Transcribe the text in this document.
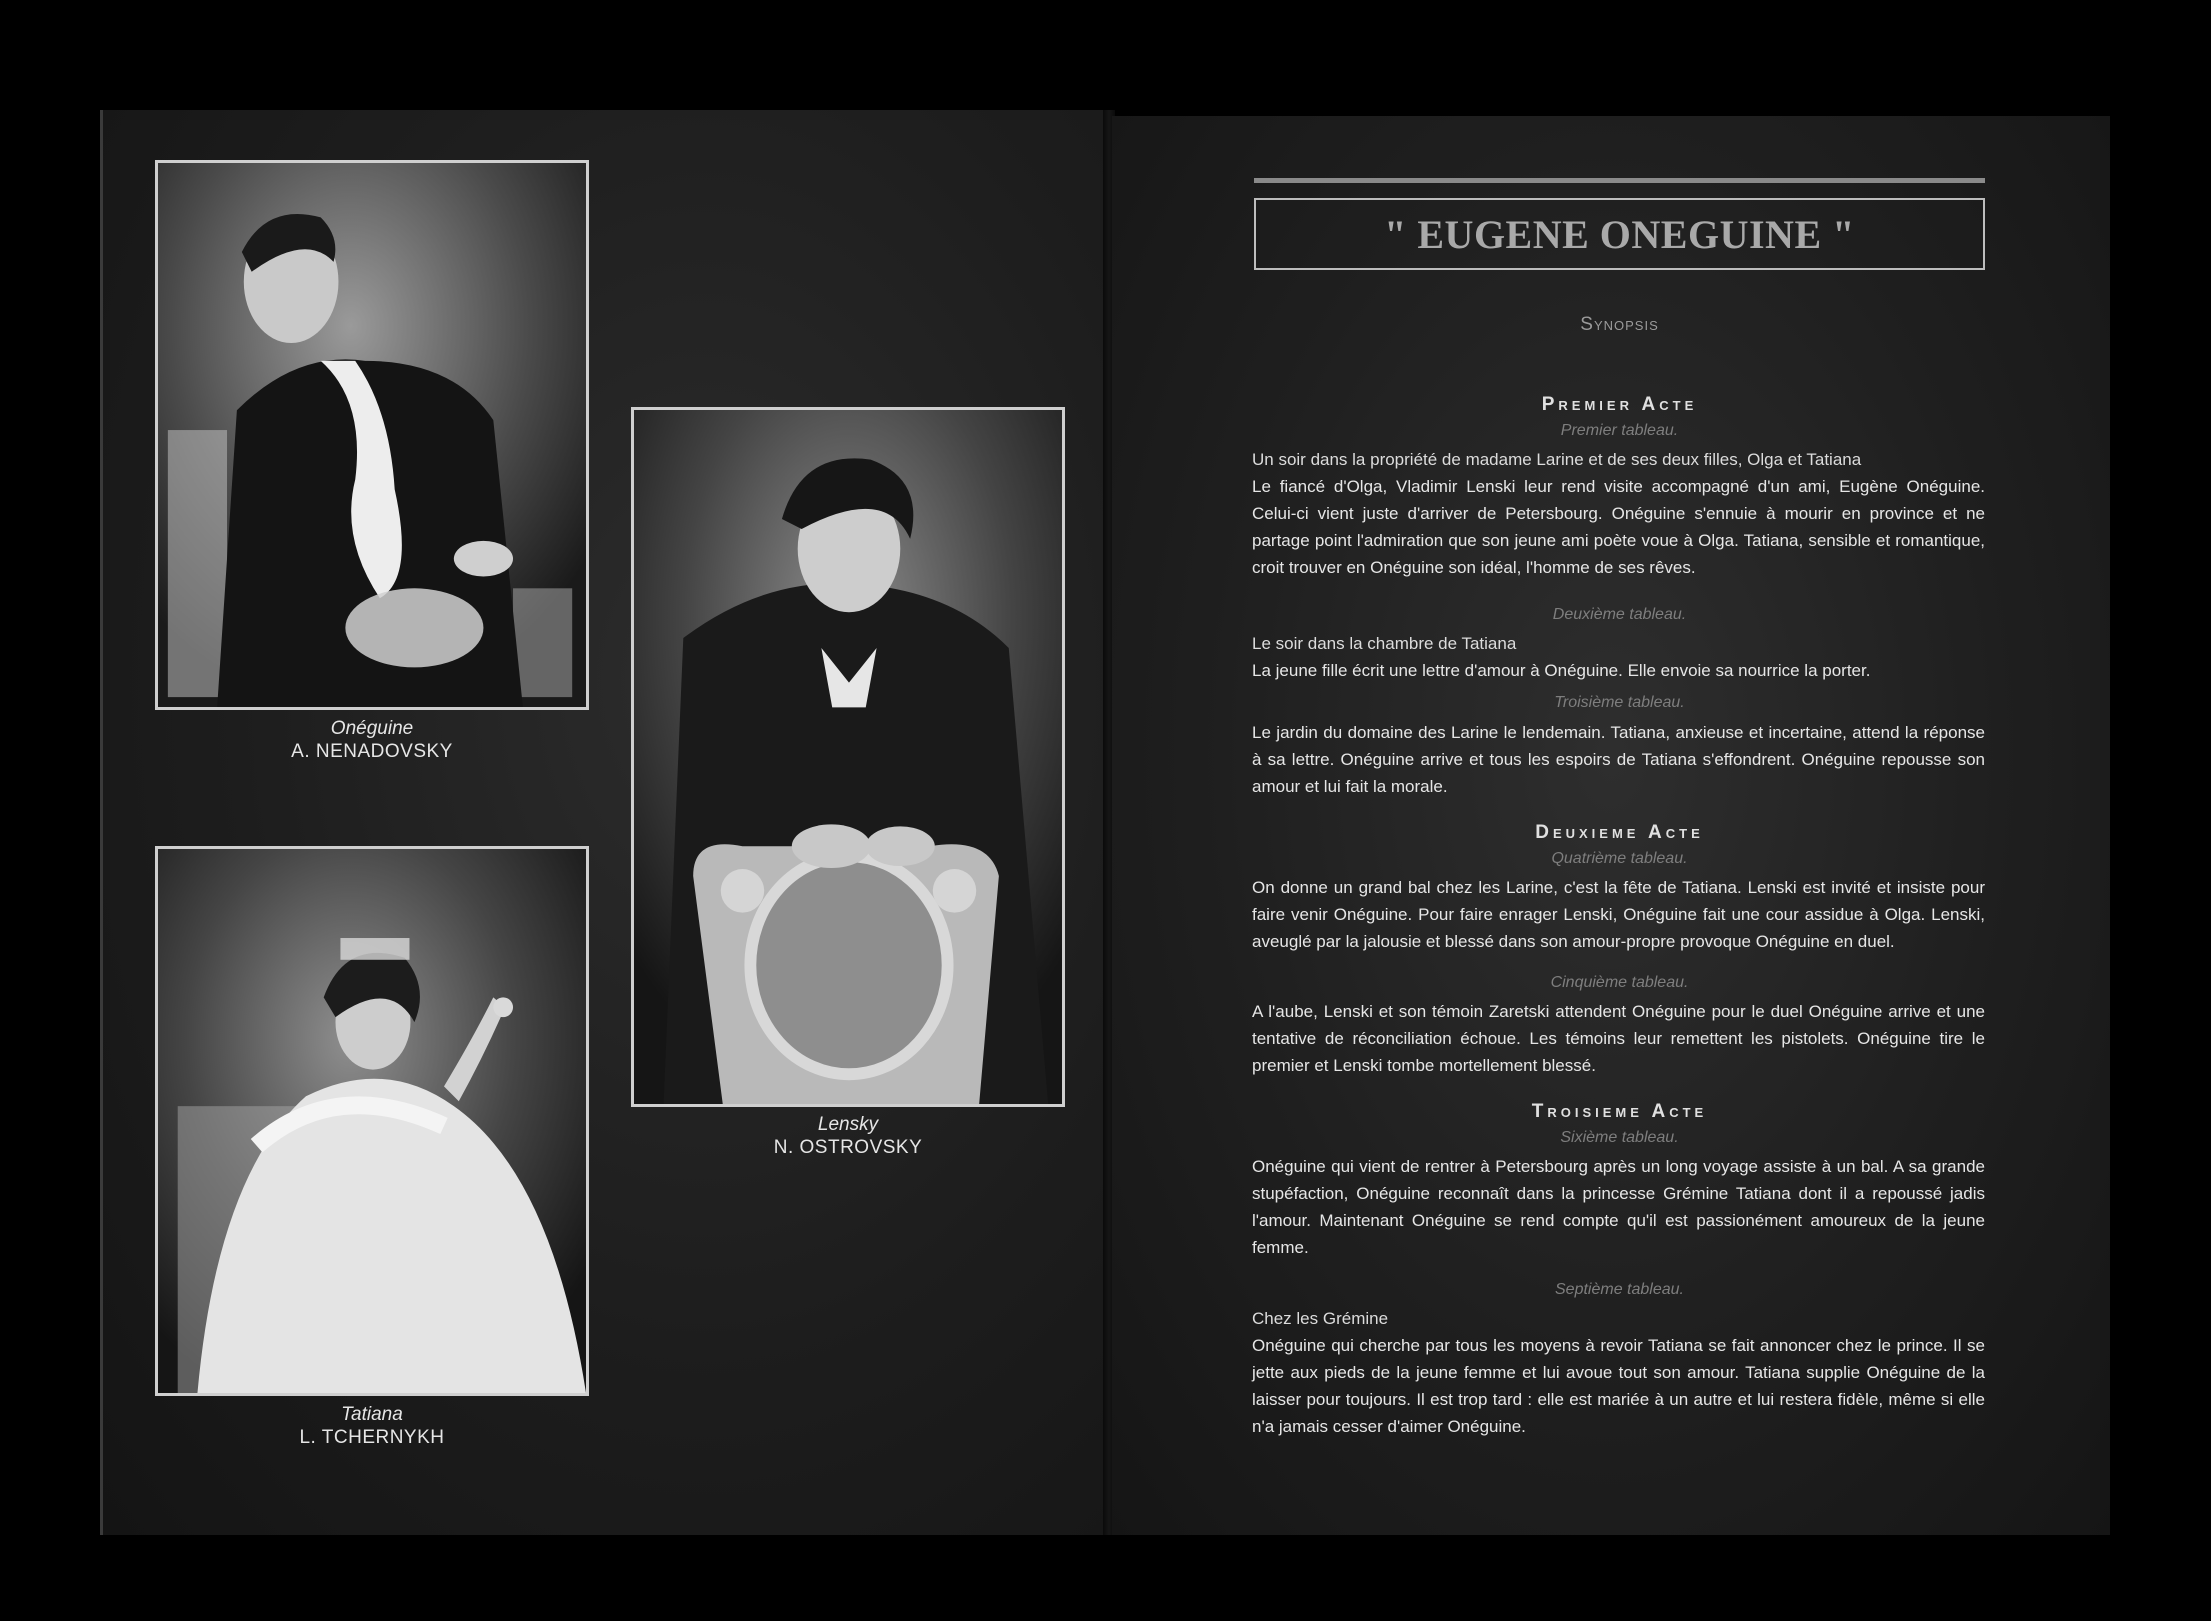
Onéguine
A. NENADOVSKY
Tatiana
L. TCHERNYKH
Lensky
N. OSTROVSKY
" EUGENE ONEGUINE "
Synopsis
Premier Acte
Premier tableau.

Un soir dans la propriété de madame Larine et de ses deux filles, Olga et Tatiana
Le fiancé d'Olga, Vladimir Lenski leur rend visite accompagné d'un ami, Eugène Onéguine. Celui-ci vient juste d'arriver de Petersbourg. Onéguine s'ennuie à mourir en province et ne partage point l'admiration que son jeune ami poète voue à Olga. Tatiana, sensible et romantique, croit trouver en Onéguine son idéal, l'homme de ses rêves.

Deuxième tableau.

Le soir dans la chambre de Tatiana
La jeune fille écrit une lettre d'amour à Onéguine. Elle envoie sa nourrice la porter.

Troisième tableau.

Le jardin du domaine des Larine le lendemain. Tatiana, anxieuse et incertaine, attend la réponse à sa lettre. Onéguine arrive et tous les espoirs de Tatiana s'effondrent. Onéguine repousse son amour et lui fait la morale.

Deuxieme Acte
Quatrième tableau.

On donne un grand bal chez les Larine, c'est la fête de Tatiana. Lenski est invité et insiste pour faire venir Onéguine. Pour faire enrager Lenski, Onéguine fait une cour assidue à Olga. Lenski, aveuglé par la jalousie et blessé dans son amour-propre provoque Onéguine en duel.

Cinquième tableau.

A l'aube, Lenski et son témoin Zaretski attendent Onéguine pour le duel Onéguine arrive et une tentative de réconciliation échoue. Les témoins leur remettent les pistolets. Onéguine tire le premier et Lenski tombe mortellement blessé.

Troisieme Acte
Sixième tableau.

Onéguine qui vient de rentrer à Petersbourg après un long voyage assiste à un bal. A sa grande stupéfaction, Onéguine reconnaît dans la princesse Grémine Tatiana dont il a repoussé jadis l'amour. Maintenant Onéguine se rend compte qu'il est passionément amoureux de la jeune femme.

Septième tableau.

Chez les Grémine
Onéguine qui cherche par tous les moyens à revoir Tatiana se fait annoncer chez le prince. Il se jette aux pieds de la jeune femme et lui avoue tout son amour. Tatiana supplie Onéguine de la laisser pour toujours. Il est trop tard : elle est mariée à un autre et lui restera fidèle, même si elle n'a jamais cesser d'aimer Onéguine.
